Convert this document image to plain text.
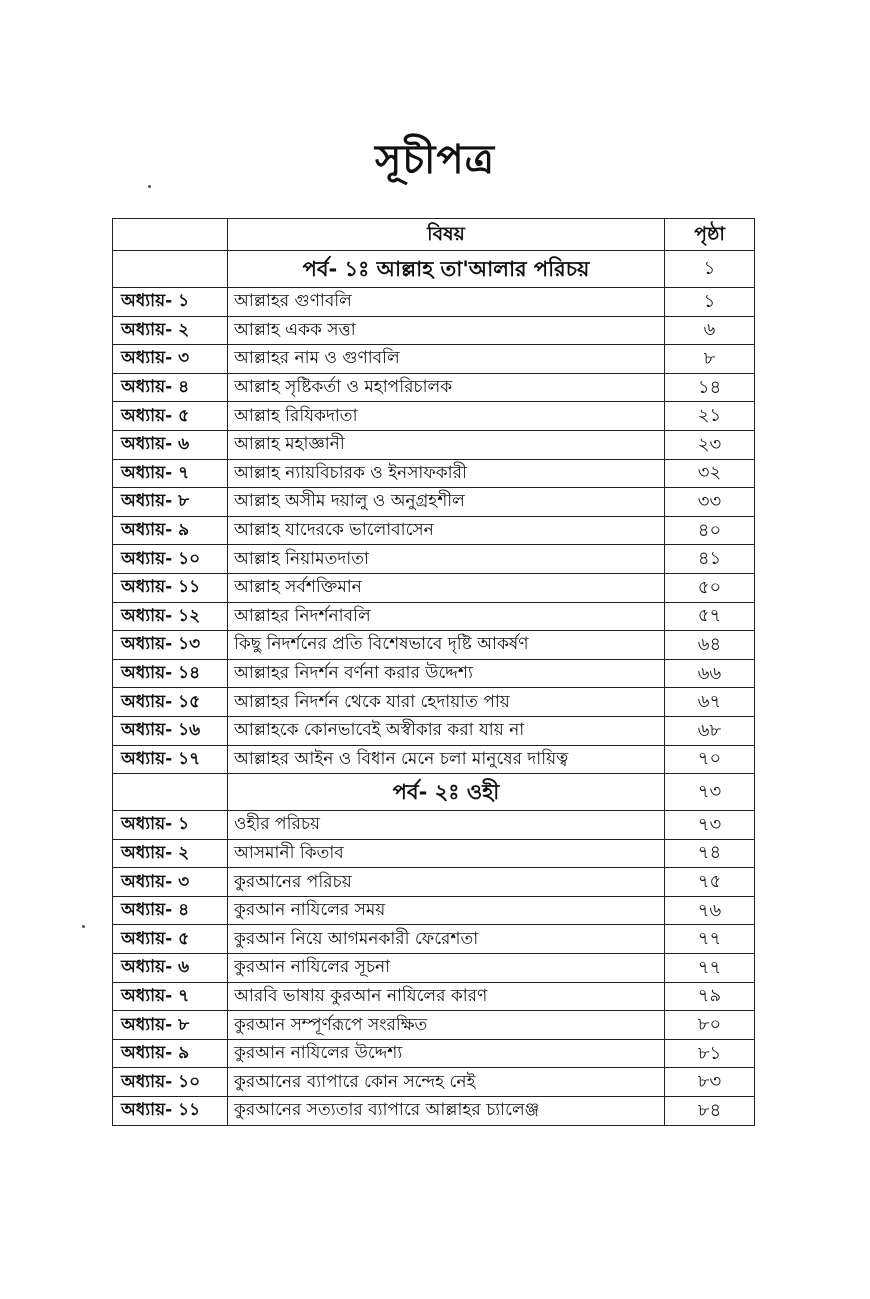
সূচীপত্র
	বিষয়	পৃষ্ঠা
	পর্ব- ১ঃ আল্লাহ তা'আলার পরিচয়	১
অধ্যায়- ১	আল্লাহর গুণাবলি	১
অধ্যায়- ২	আল্লাহ একক সত্তা	৬
অধ্যায়- ৩	আল্লাহর নাম ও গুণাবলি	৮
অধ্যায়- ৪	আল্লাহ সৃষ্টিকর্তা ও মহাপরিচালক	১৪
অধ্যায়- ৫	আল্লাহ রিযিকদাতা	২১
অধ্যায়- ৬	আল্লাহ মহাজ্ঞানী	২৩
অধ্যায়- ৭	আল্লাহ ন্যায়বিচারক ও ইনসাফকারী	৩২
অধ্যায়- ৮	আল্লাহ অসীম দয়ালু ও অনুগ্রহশীল	৩৩
অধ্যায়- ৯	আল্লাহ যাদেরকে ভালোবাসেন	৪০
অধ্যায়- ১০	আল্লাহ নিয়ামতদাতা	৪১
অধ্যায়- ১১	আল্লাহ সর্বশক্তিমান	৫০
অধ্যায়- ১২	আল্লাহর নিদর্শনাবলি	৫৭
অধ্যায়- ১৩	কিছু নিদর্শনের প্রতি বিশেষভাবে দৃষ্টি আকর্ষণ	৬৪
অধ্যায়- ১৪	আল্লাহর নিদর্শন বর্ণনা করার উদ্দেশ্য	৬৬
অধ্যায়- ১৫	আল্লাহর নিদর্শন থেকে যারা হেদায়াত পায়	৬৭
অধ্যায়- ১৬	আল্লাহকে কোনভাবেই অস্বীকার করা যায় না	৬৮
অধ্যায়- ১৭	আল্লাহর আইন ও বিধান মেনে চলা মানুষের দায়িত্ব	৭০
	পর্ব- ২ঃ ওহী	৭৩
অধ্যায়- ১	ওহীর পরিচয়	৭৩
অধ্যায়- ২	আসমানী কিতাব	৭৪
অধ্যায়- ৩	কুরআনের পরিচয়	৭৫
অধ্যায়- ৪	কুরআন নাযিলের সময়	৭৬
অধ্যায়- ৫	কুরআন নিয়ে আগমনকারী ফেরেশতা	৭৭
অধ্যায়- ৬	কুরআন নাযিলের সূচনা	৭৭
অধ্যায়- ৭	আরবি ভাষায় কুরআন নাযিলের কারণ	৭৯
অধ্যায়- ৮	কুরআন সম্পূর্ণরূপে সংরক্ষিত	৮০
অধ্যায়- ৯	কুরআন নাযিলের উদ্দেশ্য	৮১
অধ্যায়- ১০	কুরআনের ব্যাপারে কোন সন্দেহ নেই	৮৩
অধ্যায়- ১১	কুরআনের সত্যতার ব্যাপারে আল্লাহর চ্যালেঞ্জ	৮৪
